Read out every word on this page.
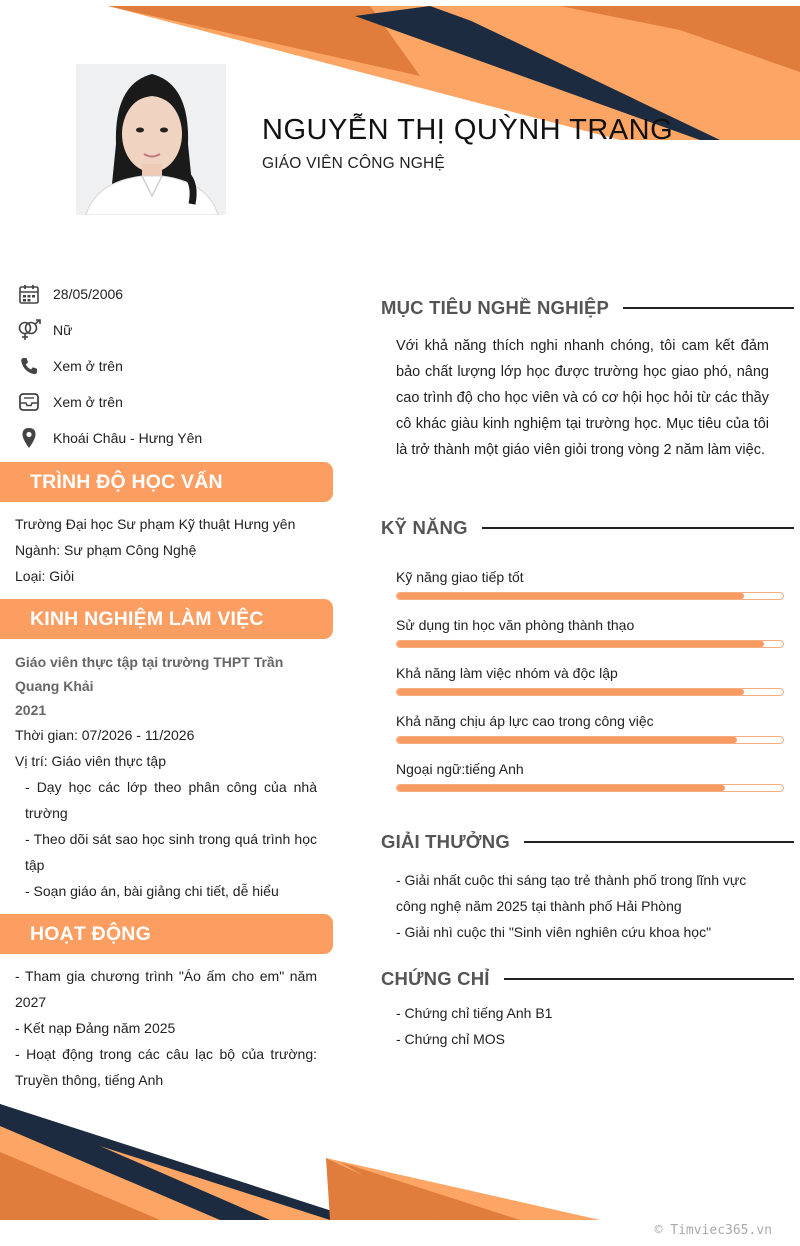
NGUYỄN THỊ QUỲNH TRANG
GIÁO VIÊN CÔNG NGHỆ
28/05/2006
Nữ
Xem ở trên
Xem ở trên
Khoái Châu - Hưng Yên
TRÌNH ĐỘ HỌC VẤN
Trường Đại học Sư phạm Kỹ thuật Hưng yên
Ngành: Sư phạm Công Nghệ
Loại: Giỏi
KINH NGHIỆM LÀM VIỆC
Giáo viên thực tập tại trường THPT Trần Quang Khải
2021
Thời gian: 07/2026 - 11/2026
Vị trí: Giáo viên thực tập
- Dạy học các lớp theo phân công của nhà trường
- Theo dõi sát sao học sinh trong quá trình học tập
- Soạn giáo án, bài giảng chi tiết, dễ hiểu
HOẠT ĐỘNG
- Tham gia chương trình "Áo ấm cho em" năm 2027
- Kết nạp Đảng năm 2025
- Hoạt động trong các câu lạc bộ của trường: Truyền thông, tiếng Anh
MỤC TIÊU NGHỀ NGHIỆP
Với khả năng thích nghi nhanh chóng, tôi cam kết đảm bảo chất lượng lớp học được trường học giao phó, nâng cao trình độ cho học viên và có cơ hội học hỏi từ các thầy cô khác giàu kinh nghiệm tại trường học. Mục tiêu của tôi là trở thành một giáo viên giỏi trong vòng 2 năm làm việc.
KỸ NĂNG
Kỹ năng giao tiếp tốt
Sử dụng tin học văn phòng thành thạo
Khả năng làm việc nhóm và độc lập
Khả năng chịu áp lực cao trong công việc
Ngoại ngữ:tiếng Anh
GIẢI THƯỞNG
- Giải nhất cuộc thi sáng tạo trẻ thành phố trong lĩnh vực công nghệ năm 2025 tại thành phố Hải Phòng
- Giải nhì cuộc thi "Sinh viên nghiên cứu khoa học"
CHỨNG CHỈ
- Chứng chỉ tiếng Anh B1
- Chứng chỉ MOS
© Timviec365.vn
